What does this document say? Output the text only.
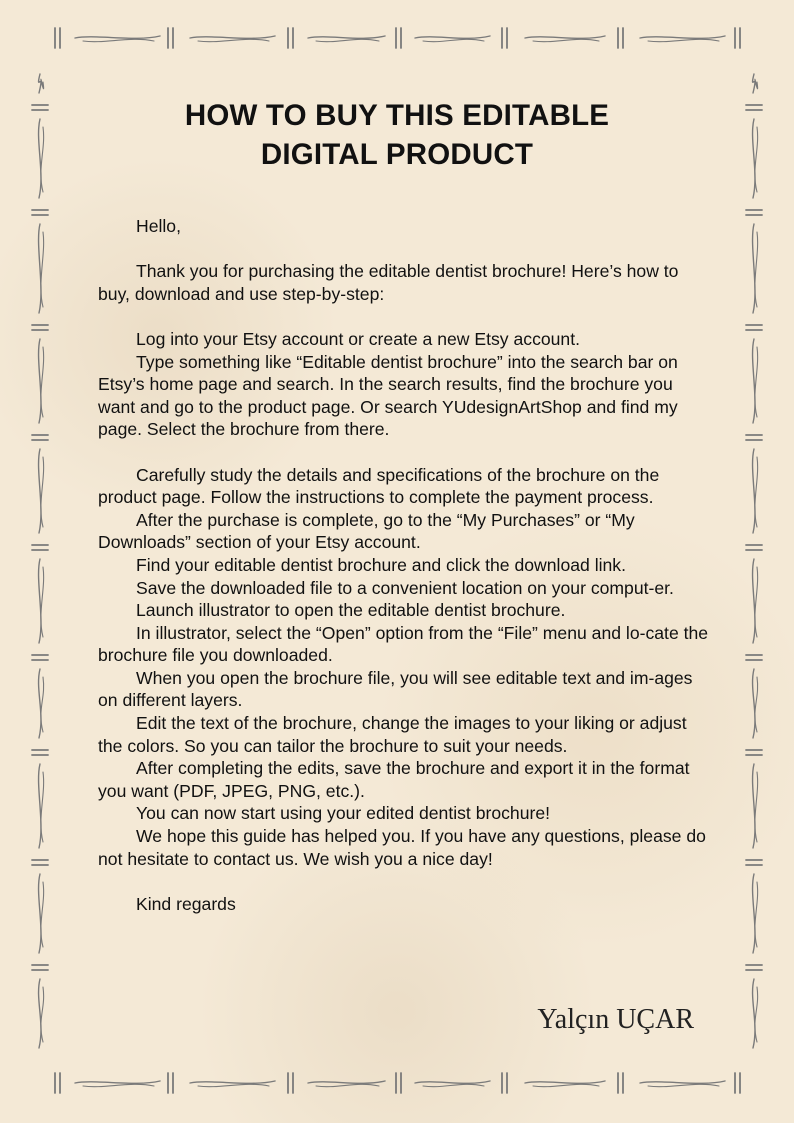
HOW TO BUY THIS EDITABLE
DIGITAL PRODUCT

Hello,

Thank you for purchasing the editable dentist brochure! Here’s how to buy, download and use step-by-step:

Log into your Etsy account or create a new Etsy account.

Type something like “Editable dentist brochure” into the search bar on Etsy’s home page and search. In the search results, find the brochure you want and go to the product page. Or search YUdesignArtShop and find my page. Select the brochure from there.

Carefully study the details and specifications of the brochure on the product page. Follow the instructions to complete the payment process.

After the purchase is complete, go to the “My Purchases” or “My Downloads” section of your Etsy account.

Find your editable dentist brochure and click the download link.

Save the downloaded file to a convenient location on your comput-er.

Launch illustrator to open the editable dentist brochure.

In illustrator, select the “Open” option from the “File” menu and lo-cate the brochure file you downloaded.

When you open the brochure file, you will see editable text and im-ages on different layers.

Edit the text of the brochure, change the images to your liking or adjust the colors. So you can tailor the brochure to suit your needs.

After completing the edits, save the brochure and export it in the format you want (PDF, JPEG, PNG, etc.).

You can now start using your edited dentist brochure!

We hope this guide has helped you. If you have any questions, please do not hesitate to contact us. We wish you a nice day!

Kind regards

Yalçın UÇAR
